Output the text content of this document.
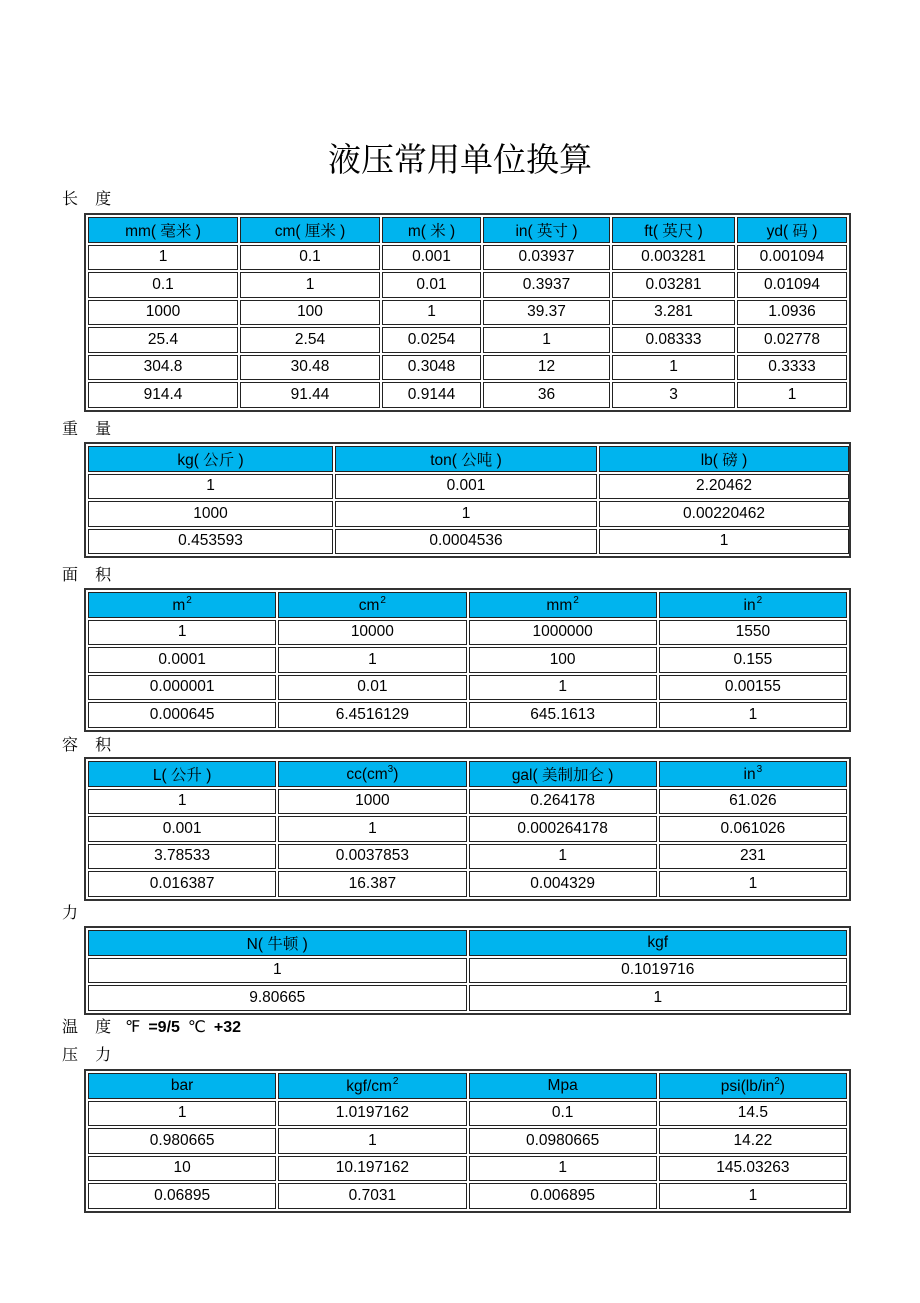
液压常用单位换算
长 度
mm( 毫米 )	cm( 厘米 )	m( 米 )	in( 英寸 )	ft( 英尺 )	yd( 码 )
1	0.1	0.001	0.03937	0.003281	0.001094
0.1	1	0.01	0.3937	0.03281	0.01094
1000	100	1	39.37	3.281	1.0936
25.4	2.54	0.0254	1	0.08333	0.02778
304.8	30.48	0.3048	12	1	0.3333
914.4	91.44	0.9144	36	3	1
重 量
kg( 公斤 )	ton( 公吨 )	lb( 磅 )
1	0.001	2.20462
1000	1	0.00220462
0.453593	0.0004536	1
面 积
$m^2$	$cm^2$	$mm^2$	$in^2$
1	10000	1000000	1550
0.0001	1	100	0.155
0.000001	0.01	1	0.00155
0.000645	6.4516129	645.1613	1
容 积
L( 公升 )	$cc(cm^3)$	gal( 美制加仑 )	$in^3$
1	1000	0.264178	61.026
0.001	1	0.000264178	0.061026
3.78533	0.0037853	1	231
0.016387	16.387	0.004329	1
力
N( 牛顿 )	kgf
1	0.1019716
9.80665	1
温 度 ℉ =9/5 ℃ +32
压 力
bar	kgf/$cm^2$	Mpa	$psi(lb/in^2)$
1	1.0197162	0.1	14.5
0.980665	1	0.0980665	14.22
10	10.197162	1	145.03263
0.06895	0.7031	0.006895	1
